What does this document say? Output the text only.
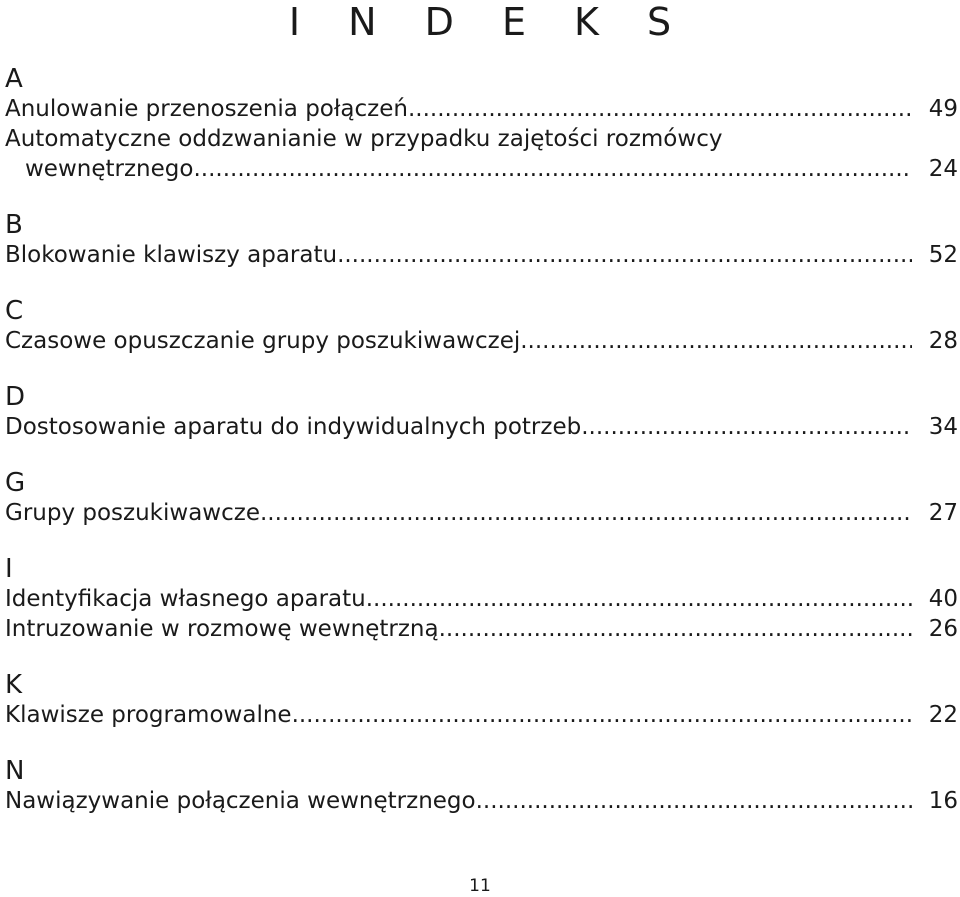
I N D E K S
A
Anulowanie przenoszenia połączeń .....	49
Automatyczne oddzwanianie w przypadku zajętości rozmówcy
wewnętrznego .....	24
B
Blokowanie klawiszy aparatu .....	52
C
Czasowe opuszczanie grupy poszukiwawczej .....	28
D
Dostosowanie aparatu do indywidualnych potrzeb .....	34
G
Grupy poszukiwawcze .....	27
I
Identyfikacja własnego aparatu .....	40
Intruzowanie w rozmowę wewnętrzną .....	26
K
Klawisze programowalne .....	22
N
Nawiązywanie połączenia wewnętrznego .....	16
11
